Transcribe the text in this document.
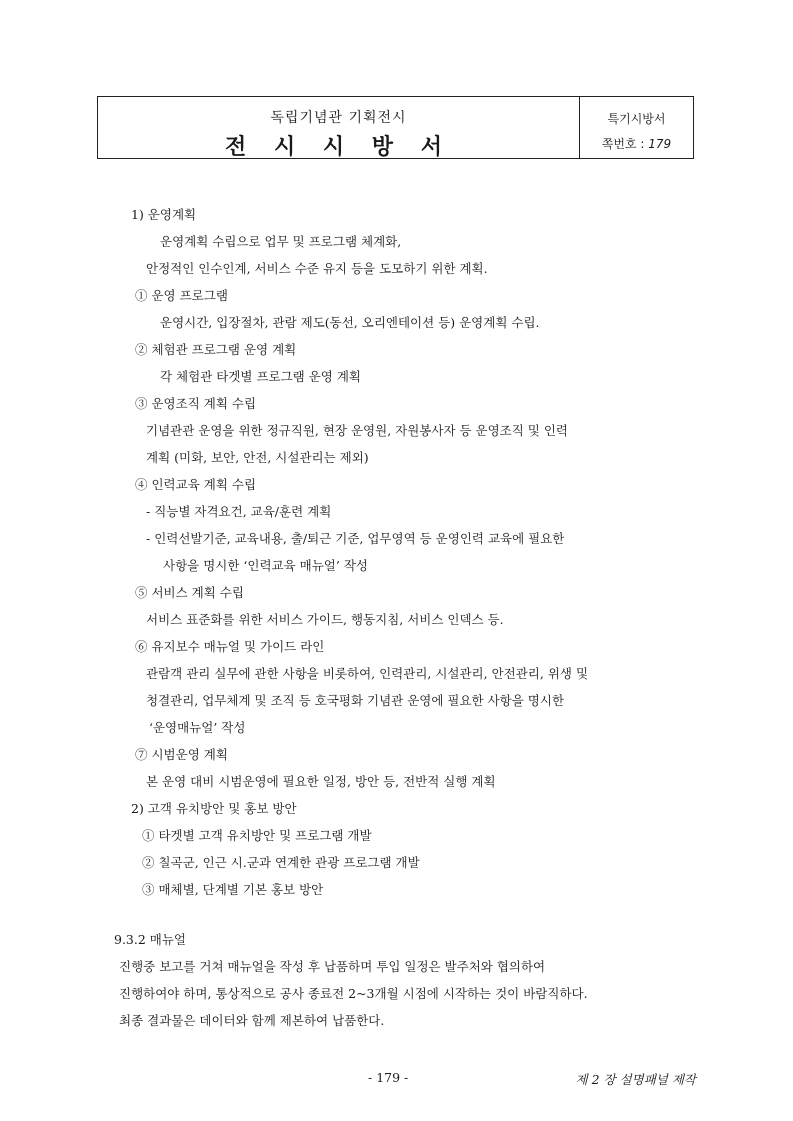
독립기념관 기획전시
전 시 시 방 서
특기시방서
쪽번호 : 179
1) 운영계획
운영계획 수립으로 업무 및 프로그램 체계화,
안정적인 인수인계, 서비스 수준 유지 등을 도모하기 위한 계획.
① 운영 프로그램
운영시간, 입장절차, 관람 제도(동선, 오리엔테이션 등) 운영계획 수립.
② 체험관 프로그램 운영 계획
각 체험관 타겟별 프로그램 운영 계획
③ 운영조직 계획 수립
기념관관 운영을 위한 정규직원, 현장 운영원, 자원봉사자 등 운영조직 및 인력
계획 (미화, 보안, 안전, 시설관리는 제외)
④ 인력교육 계획 수립
- 직능별 자격요건, 교육/훈련 계획
- 인력선발기준, 교육내용, 출/퇴근 기준, 업무영역 등 운영인력 교육에 필요한
사항을 명시한 ‘인력교육 매뉴얼’ 작성
⑤ 서비스 계획 수립
서비스 표준화를 위한 서비스 가이드, 행동지침, 서비스 인덱스 등.
⑥ 유지보수 매뉴얼 및 가이드 라인
관람객 관리 실무에 관한 사항을 비롯하여, 인력관리, 시설관리, 안전관리, 위생 및
청결관리, 업무체계 및 조직 등 호국평화 기념관 운영에 필요한 사항을 명시한
‘운영매뉴얼’ 작성
⑦ 시범운영 계획
본 운영 대비 시범운영에 필요한 일정, 방안 등, 전반적 실행 계획
2) 고객 유치방안 및 홍보 방안
① 타겟별 고객 유치방안 및 프로그램 개발
② 칠곡군, 인근 시.군과 연계한 관광 프로그램 개발
③ 매체별, 단계별 기본 홍보 방안
9.3.2 매뉴얼
진행중 보고를 거쳐 매뉴얼을 작성 후 납품하며 투입 일정은 발주처와 협의하여
진행하여야 하며, 통상적으로 공사 종료전 2~3개월 시점에 시작하는 것이 바람직하다.
최종 결과물은 데이터와 함께 제본하여 납품한다.
- 179 -	제 2 장 설명패널 제작
